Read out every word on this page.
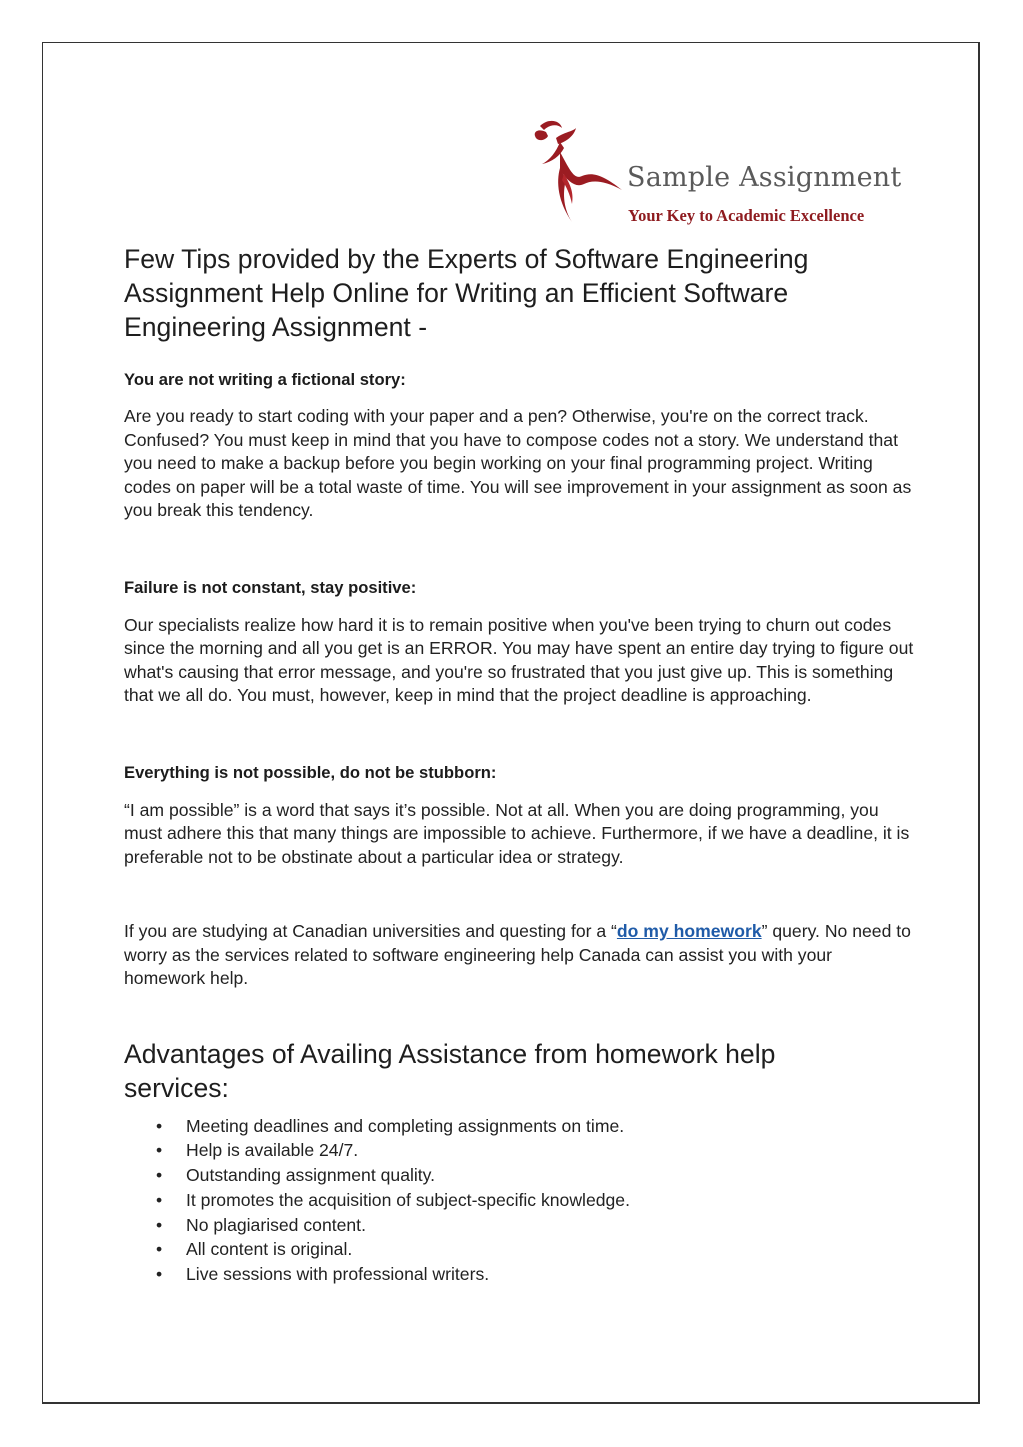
Sample Assignment
Your Key to Academic Excellence
Few Tips provided by the Experts of Software Engineering Assignment Help Online for Writing an Efficient Software Engineering Assignment -
You are not writing a fictional story:

Are you ready to start coding with your paper and a pen? Otherwise, you're on the correct track. Confused? You must keep in mind that you have to compose codes not a story. We understand that you need to make a backup before you begin working on your final programming project. Writing codes on paper will be a total waste of time. You will see improvement in your assignment as soon as you break this tendency.

Failure is not constant, stay positive:

Our specialists realize how hard it is to remain positive when you've been trying to churn out codes since the morning and all you get is an ERROR. You may have spent an entire day trying to figure out what's causing that error message, and you're so frustrated that you just give up. This is something that we all do. You must, however, keep in mind that the project deadline is approaching.

Everything is not possible, do not be stubborn:

“I am possible” is a word that says it’s possible. Not at all. When you are doing programming, you must adhere this that many things are impossible to achieve. Furthermore, if we have a deadline, it is preferable not to be obstinate about a particular idea or strategy.

If you are studying at Canadian universities and questing for a “do my homework” query. No need to worry as the services related to software engineering help Canada can assist you with your homework help.

Advantages of Availing Assistance from homework help services:
• Meeting deadlines and completing assignments on time.
• Help is available 24/7.
• Outstanding assignment quality.
• It promotes the acquisition of subject-specific knowledge.
• No plagiarised content.
• All content is original.
• Live sessions with professional writers.
